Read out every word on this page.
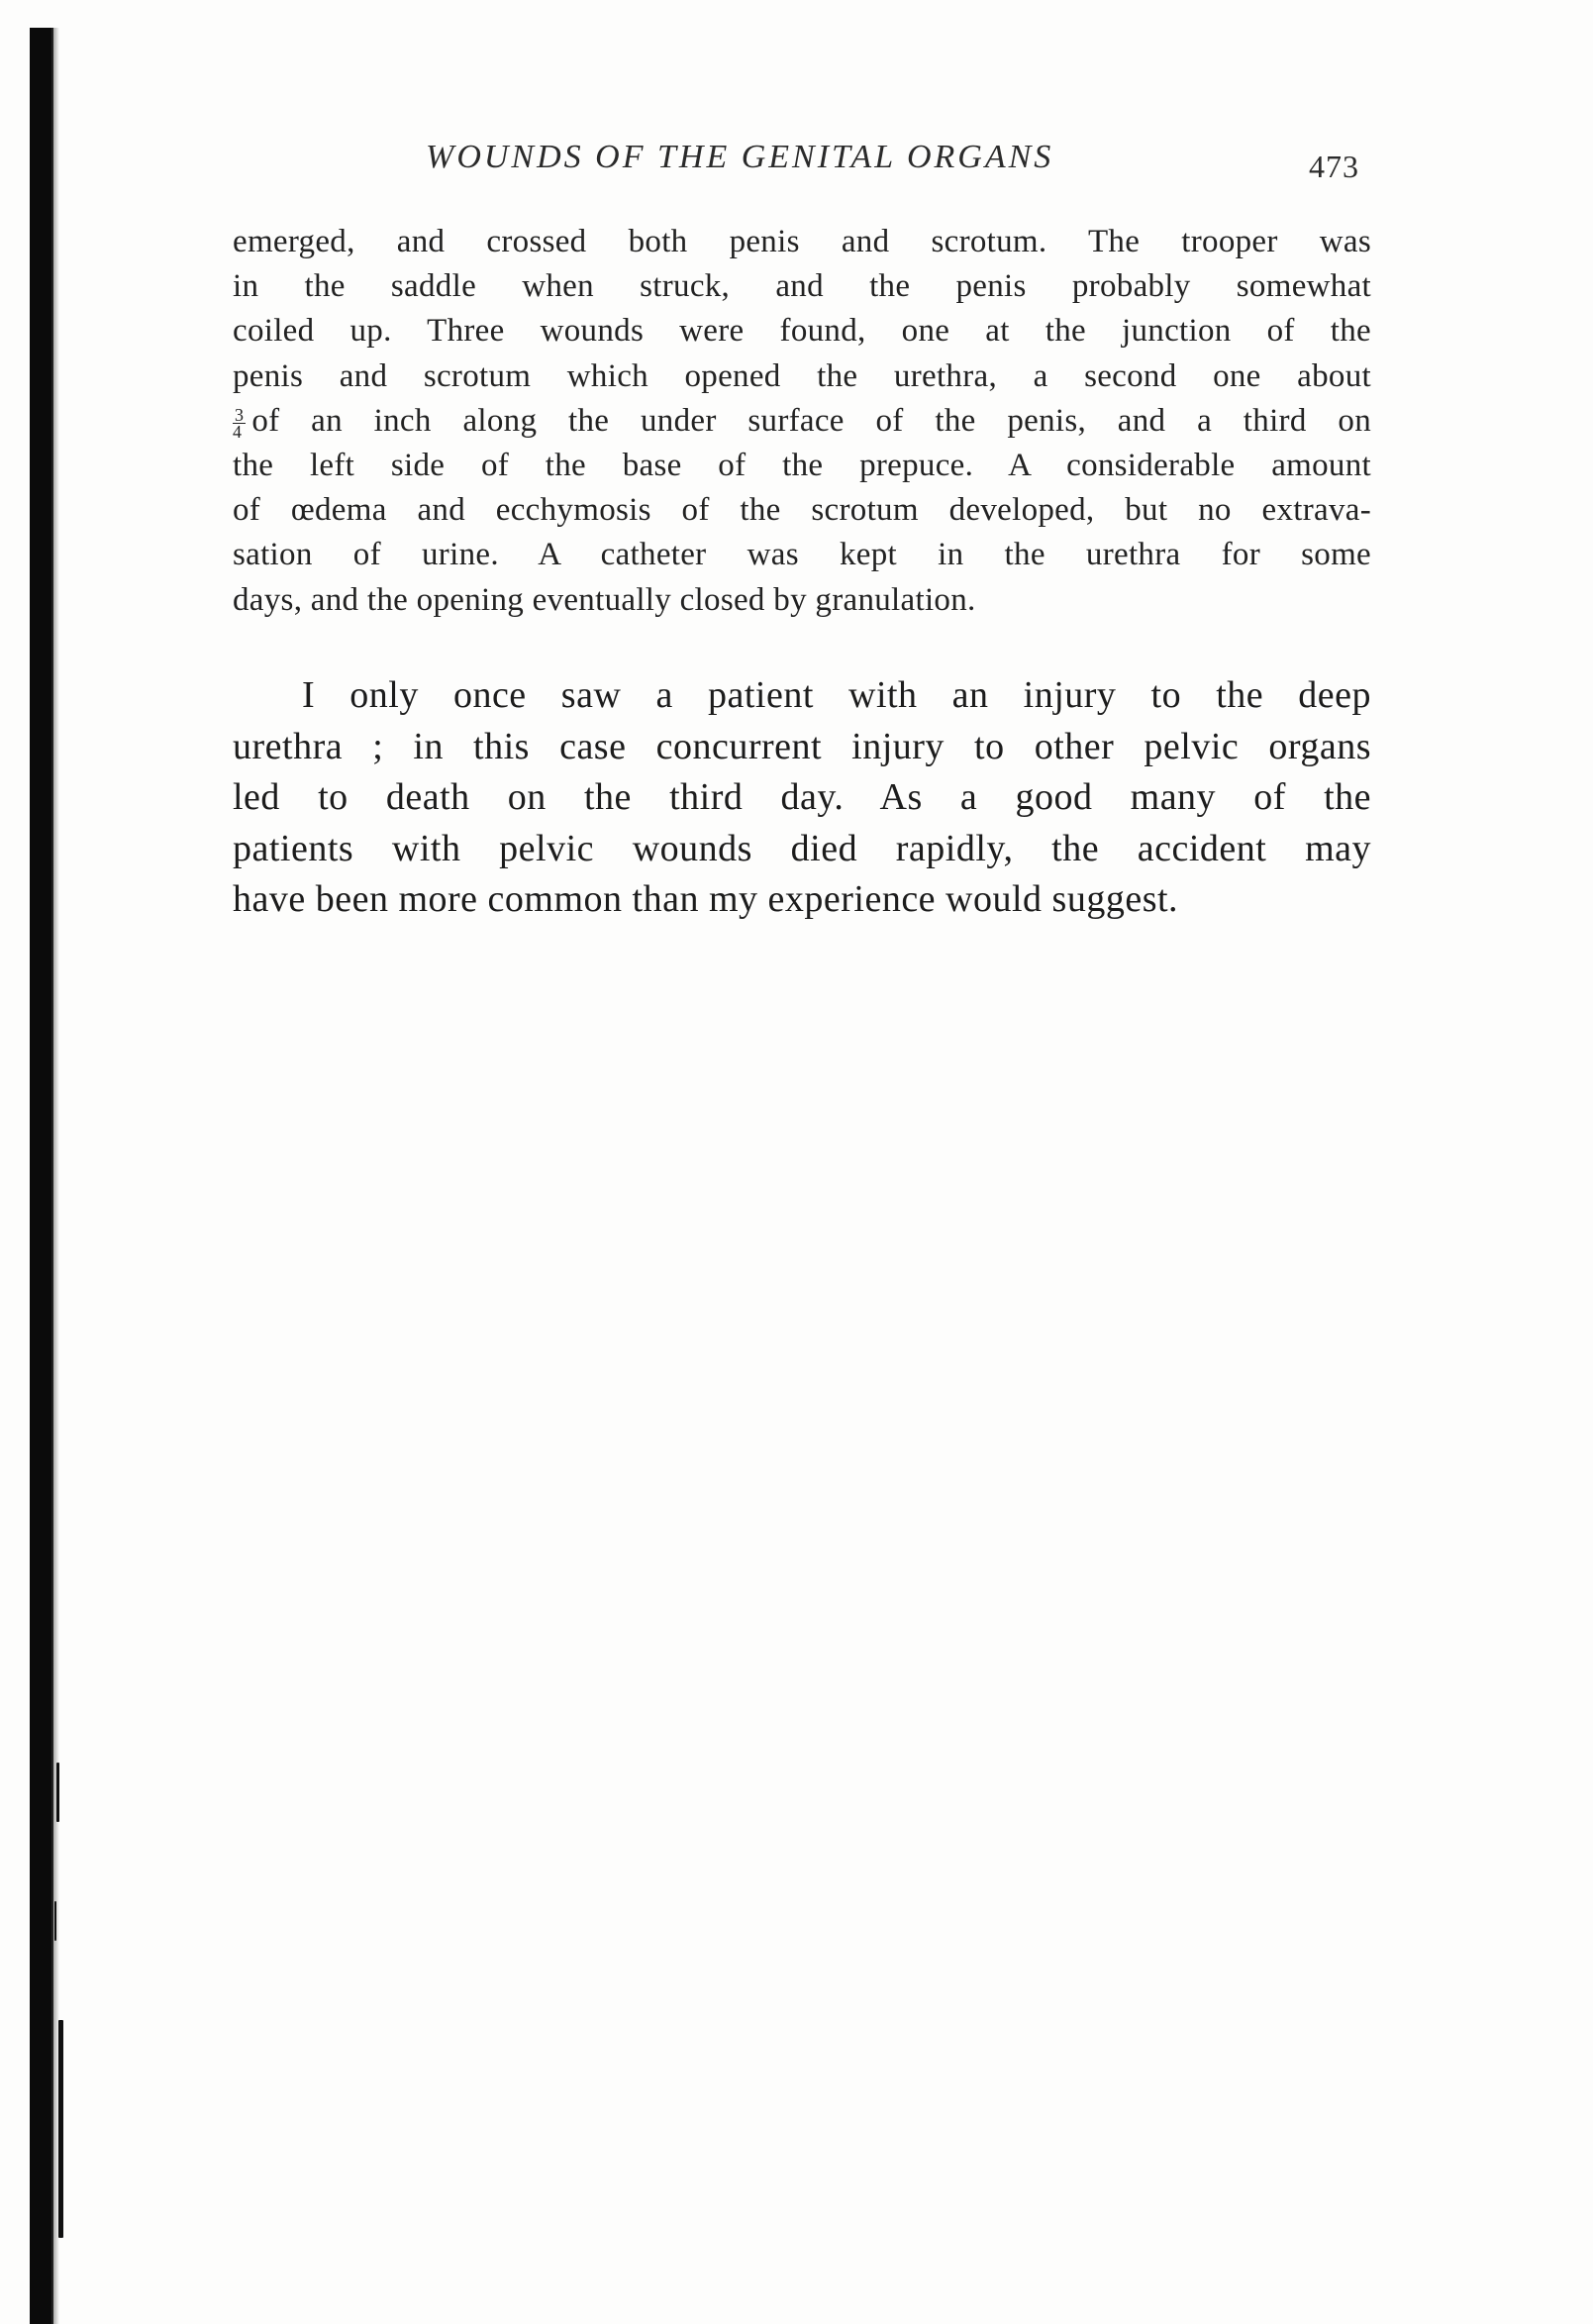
WOUNDS OF THE GENITAL ORGANS	473
emerged, and crossed both penis and scrotum. The trooper was
in the saddle when struck, and the penis probably somewhat
coiled up. Three wounds were found, one at the junction of the
penis and scrotum which opened the urethra, a second one about
$\frac{3}{4}$ of an inch along the under surface of the penis, and a third on
the left side of the base of the prepuce. A considerable amount
of œdema and ecchymosis of the scrotum developed, but no extrava-
sation of urine. A catheter was kept in the urethra for some
days, and the opening eventually closed by granulation.
I only once saw a patient with an injury to the deep
urethra ; in this case concurrent injury to other pelvic organs
led to death on the third day. As a good many of the
patients with pelvic wounds died rapidly, the accident may
have been more common than my experience would suggest.
